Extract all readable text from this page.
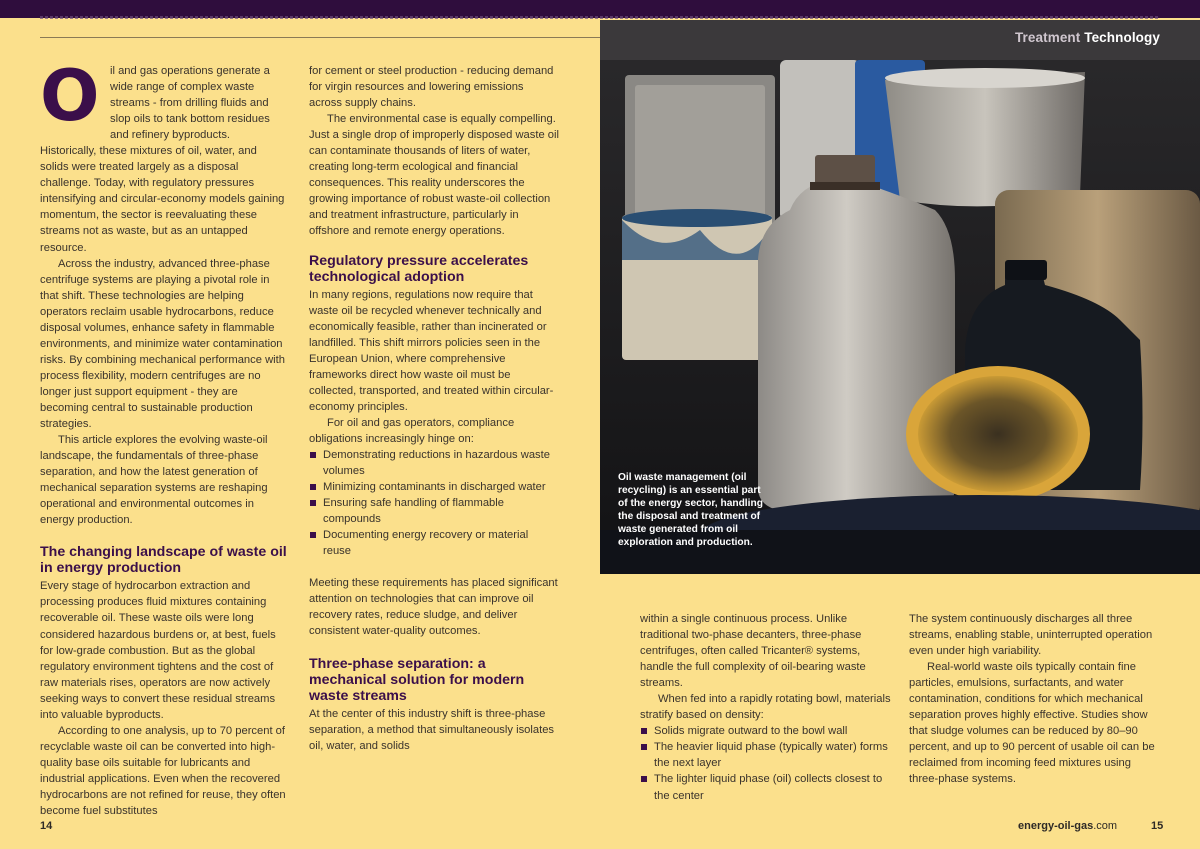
Treatment Technology
O il and gas operations generate a wide range of complex waste streams - from drilling fluids and slop oils to tank bottom residues and refinery byproducts. Historically, these mixtures of oil, water, and solids were treated largely as a disposal challenge. Today, with regulatory pressures intensifying and circular-economy models gaining momentum, the sector is reevaluating these streams not as waste, but as an untapped resource.

Across the industry, advanced three-phase centrifuge systems are playing a pivotal role in that shift. These technologies are helping operators reclaim usable hydrocarbons, reduce disposal volumes, enhance safety in flammable environments, and minimize water contamination risks. By combining mechanical performance with process flexibility, modern centrifuges are no longer just support equipment - they are becoming central to sustainable production strategies.

This article explores the evolving waste-oil landscape, the fundamentals of three-phase separation, and how the latest generation of mechanical separation systems are reshaping operational and environmental outcomes in energy production.

The changing landscape of waste oil in energy production

Every stage of hydrocarbon extraction and processing produces fluid mixtures containing recoverable oil. These waste oils were long considered hazardous burdens or, at best, fuels for low-grade combustion. But as the global regulatory environment tightens and the cost of raw materials rises, operators are now actively seeking ways to convert these residual streams into valuable byproducts.

According to one analysis, up to 70 percent of recyclable waste oil can be converted into high-quality base oils suitable for lubricants and industrial applications. Even when the recovered hydrocarbons are not refined for reuse, they often become fuel substitutes

for cement or steel production - reducing demand for virgin resources and lowering emissions across supply chains.

The environmental case is equally compelling. Just a single drop of improperly disposed waste oil can contaminate thousands of liters of water, creating long-term ecological and financial consequences. This reality underscores the growing importance of robust waste-oil collection and treatment infrastructure, particularly in offshore and remote energy operations.

Regulatory pressure accelerates technological adoption

In many regions, regulations now require that waste oil be recycled whenever technically and economically feasible, rather than incinerated or landfilled. This shift mirrors policies seen in the European Union, where comprehensive frameworks direct how waste oil must be collected, transported, and treated within circular-economy principles.

For oil and gas operators, compliance obligations increasingly hinge on:

Demonstrating reductions in hazardous waste volumes
Minimizing contaminants in discharged water
Ensuring safe handling of flammable compounds
Documenting energy recovery or material reuse

Meeting these requirements has placed significant attention on technologies that can improve oil recovery rates, reduce sludge, and deliver consistent water-quality outcomes.

Three-phase separation: a mechanical solution for modern waste streams

At the center of this industry shift is three-phase separation, a method that simultaneously isolates oil, water, and solids

Oil waste management (oil recycling) is an essential part of the energy sector, handling the disposal and treatment of waste generated from oil exploration and production.

within a single continuous process. Unlike traditional two-phase decanters, three-phase centrifuges, often called Tricanter® systems, handle the full complexity of oil-bearing waste streams.

When fed into a rapidly rotating bowl, materials stratify based on density:

Solids migrate outward to the bowl wall
The heavier liquid phase (typically water) forms the next layer
The lighter liquid phase (oil) collects closest to the center

The system continuously discharges all three streams, enabling stable, uninterrupted operation even under high variability.

Real-world waste oils typically contain fine particles, emulsions, surfactants, and water contamination, conditions for which mechanical separation proves highly effective. Studies show that sludge volumes can be reduced by 80–90 percent, and up to 90 percent of usable oil can be reclaimed from incoming feed mixtures using three-phase systems.

14	energy-oil-gas.com	15
